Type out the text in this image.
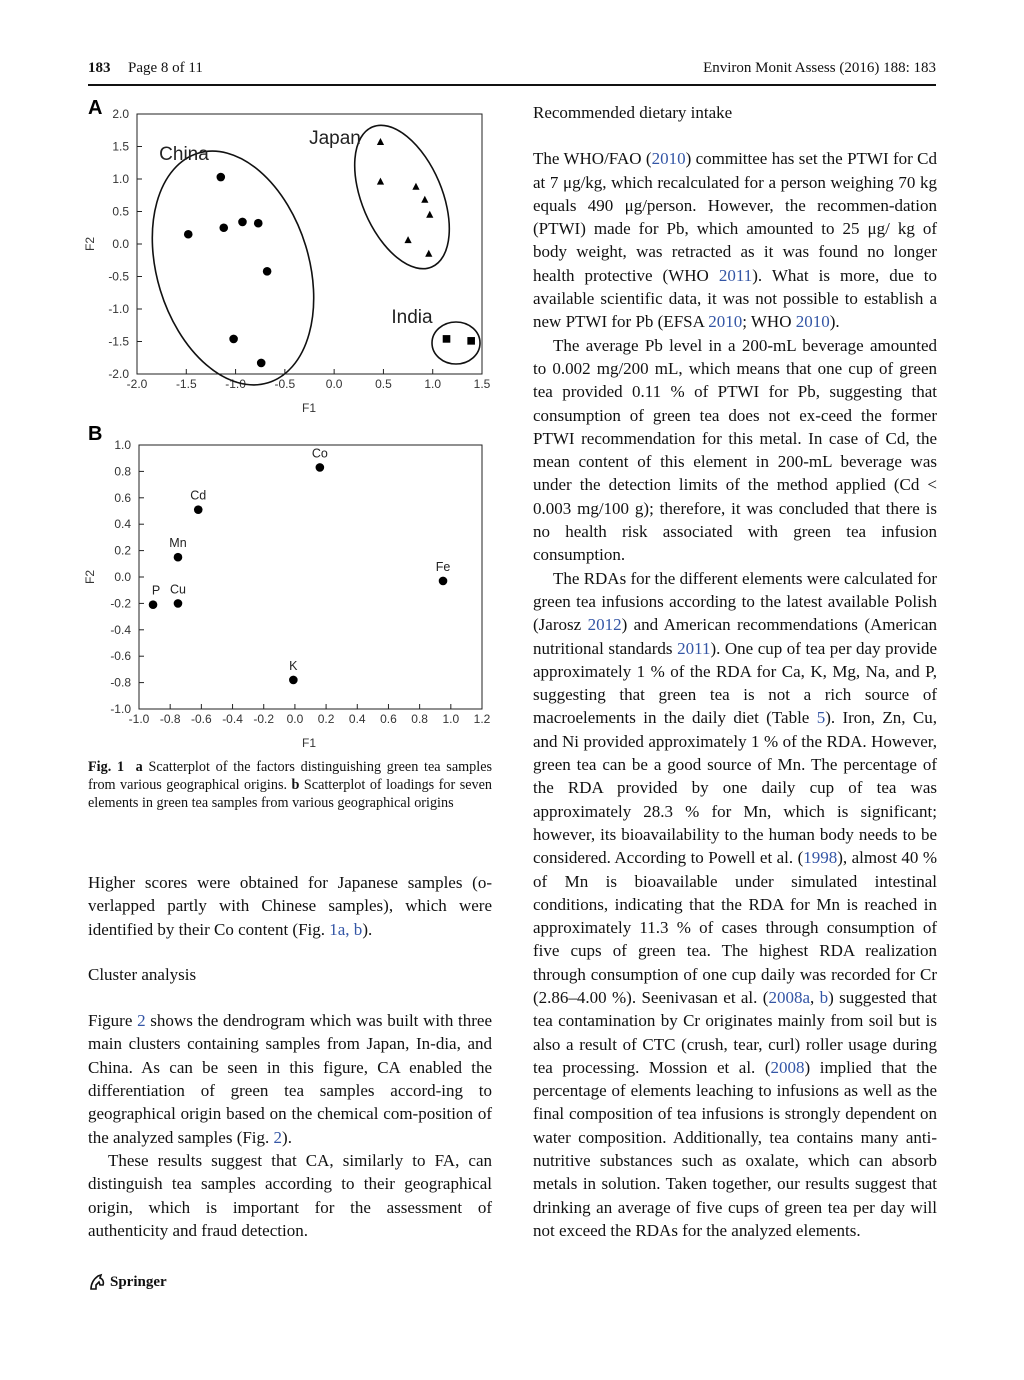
183 Page 8 of 11	Environ Monit Assess (2016) 188: 183
A
-2.0 -1.5 -1.0 -0.5	0.0	0.5	1.0	1.5
2.0
1.5
1.0
0.5
0.0
-0.5
-1.0
-1.5
-2.0
F1
F2
China
Japan
India
B
-1.0 -0.8 -0.6 -0.4 -0.2 0.0 0.2 0.4 0.6 0.8 1.0 1.2
1.0
0.8
0.6
0.4
0.2
0.0
-0.2
-0.4
-0.6
-0.8
-1.0
F1
F2
Co
Cd
Mn
P Cu
Fe
K
Fig. 1 a Scatterplot of the factors distinguishing green tea samples from various geographical origins. b Scatterplot of loadings for seven elements in green tea samples from various geographical origins

Higher scores were obtained for Japanese samples (o-verlapped partly with Chinese samples), which were identified by their Co content (Fig. 1a, b).

Cluster analysis

Figure 2 shows the dendrogram which was built with three main clusters containing samples from Japan, In-dia, and China. As can be seen in this figure, CA enabled the differentiation of green tea samples accord-ing to geographical origin based on the chemical com-position of the analyzed samples (Fig. 2).

These results suggest that CA, similarly to FA, can distinguish tea samples according to their geographical origin, which is important for the assessment of authenticity and fraud detection.

Recommended dietary intake

The WHO/FAO (2010) committee has set the PTWI for Cd at 7 μg/kg, which recalculated for a person weighing 70 kg equals 490 μg/person. However, the recommen-dation (PTWI) made for Pb, which amounted to 25 μg/ kg of body weight, was retracted as it was found no longer health protective (WHO 2011). What is more, due to available scientific data, it was not possible to establish a new PTWI for Pb (EFSA 2010; WHO 2010).

The average Pb level in a 200-mL beverage amounted to 0.002 mg/200 mL, which means that one cup of green tea provided 0.11 % of PTWI for Pb, suggesting that consumption of green tea does not ex-ceed the former PTWI recommendation for this metal. In case of Cd, the mean content of this element in 200-mL beverage was under the detection limits of the method applied (Cd < 0.003 mg/100 g); therefore, it was concluded that there is no health risk associated with green tea infusion consumption.

The RDAs for the different elements were calculated for green tea infusions according to the latest available Polish (Jarosz 2012) and American recommendations (American nutritional standards 2011). One cup of tea per day provide approximately 1 % of the RDA for Ca, K, Mg, Na, and P, suggesting that green tea is not a rich source of macroelements in the daily diet (Table 5). Iron, Zn, Cu, and Ni provided approximately 1 % of the RDA. However, green tea can be a good source of Mn. The percentage of the RDA provided by one daily cup of tea was approximately 28.3 % for Mn, which is significant; however, its bioavailability to the human body needs to be considered. According to Powell et al. (1998), almost 40 % of Mn is bioavailable under simulated intestinal conditions, indicating that the RDA for Mn is reached in approximately 11.3 % of cases through consumption of five cups of green tea. The highest RDA realization through consumption of one cup daily was recorded for Cr (2.86–4.00 %). Seenivasan et al. (2008a, b) suggested that tea contamination by Cr originates mainly from soil but is also a result of CTC (crush, tear, curl) roller usage during tea processing. Mossion et al. (2008) implied that the percentage of elements leaching to infusions as well as the final composition of tea infusions is strongly dependent on water composition. Additionally, tea contains many anti-nutritive substances such as oxalate, which can absorb metals in solution. Taken together, our results suggest that drinking an average of five cups of green tea per day will not exceed the RDAs for the analyzed elements.

Springer
